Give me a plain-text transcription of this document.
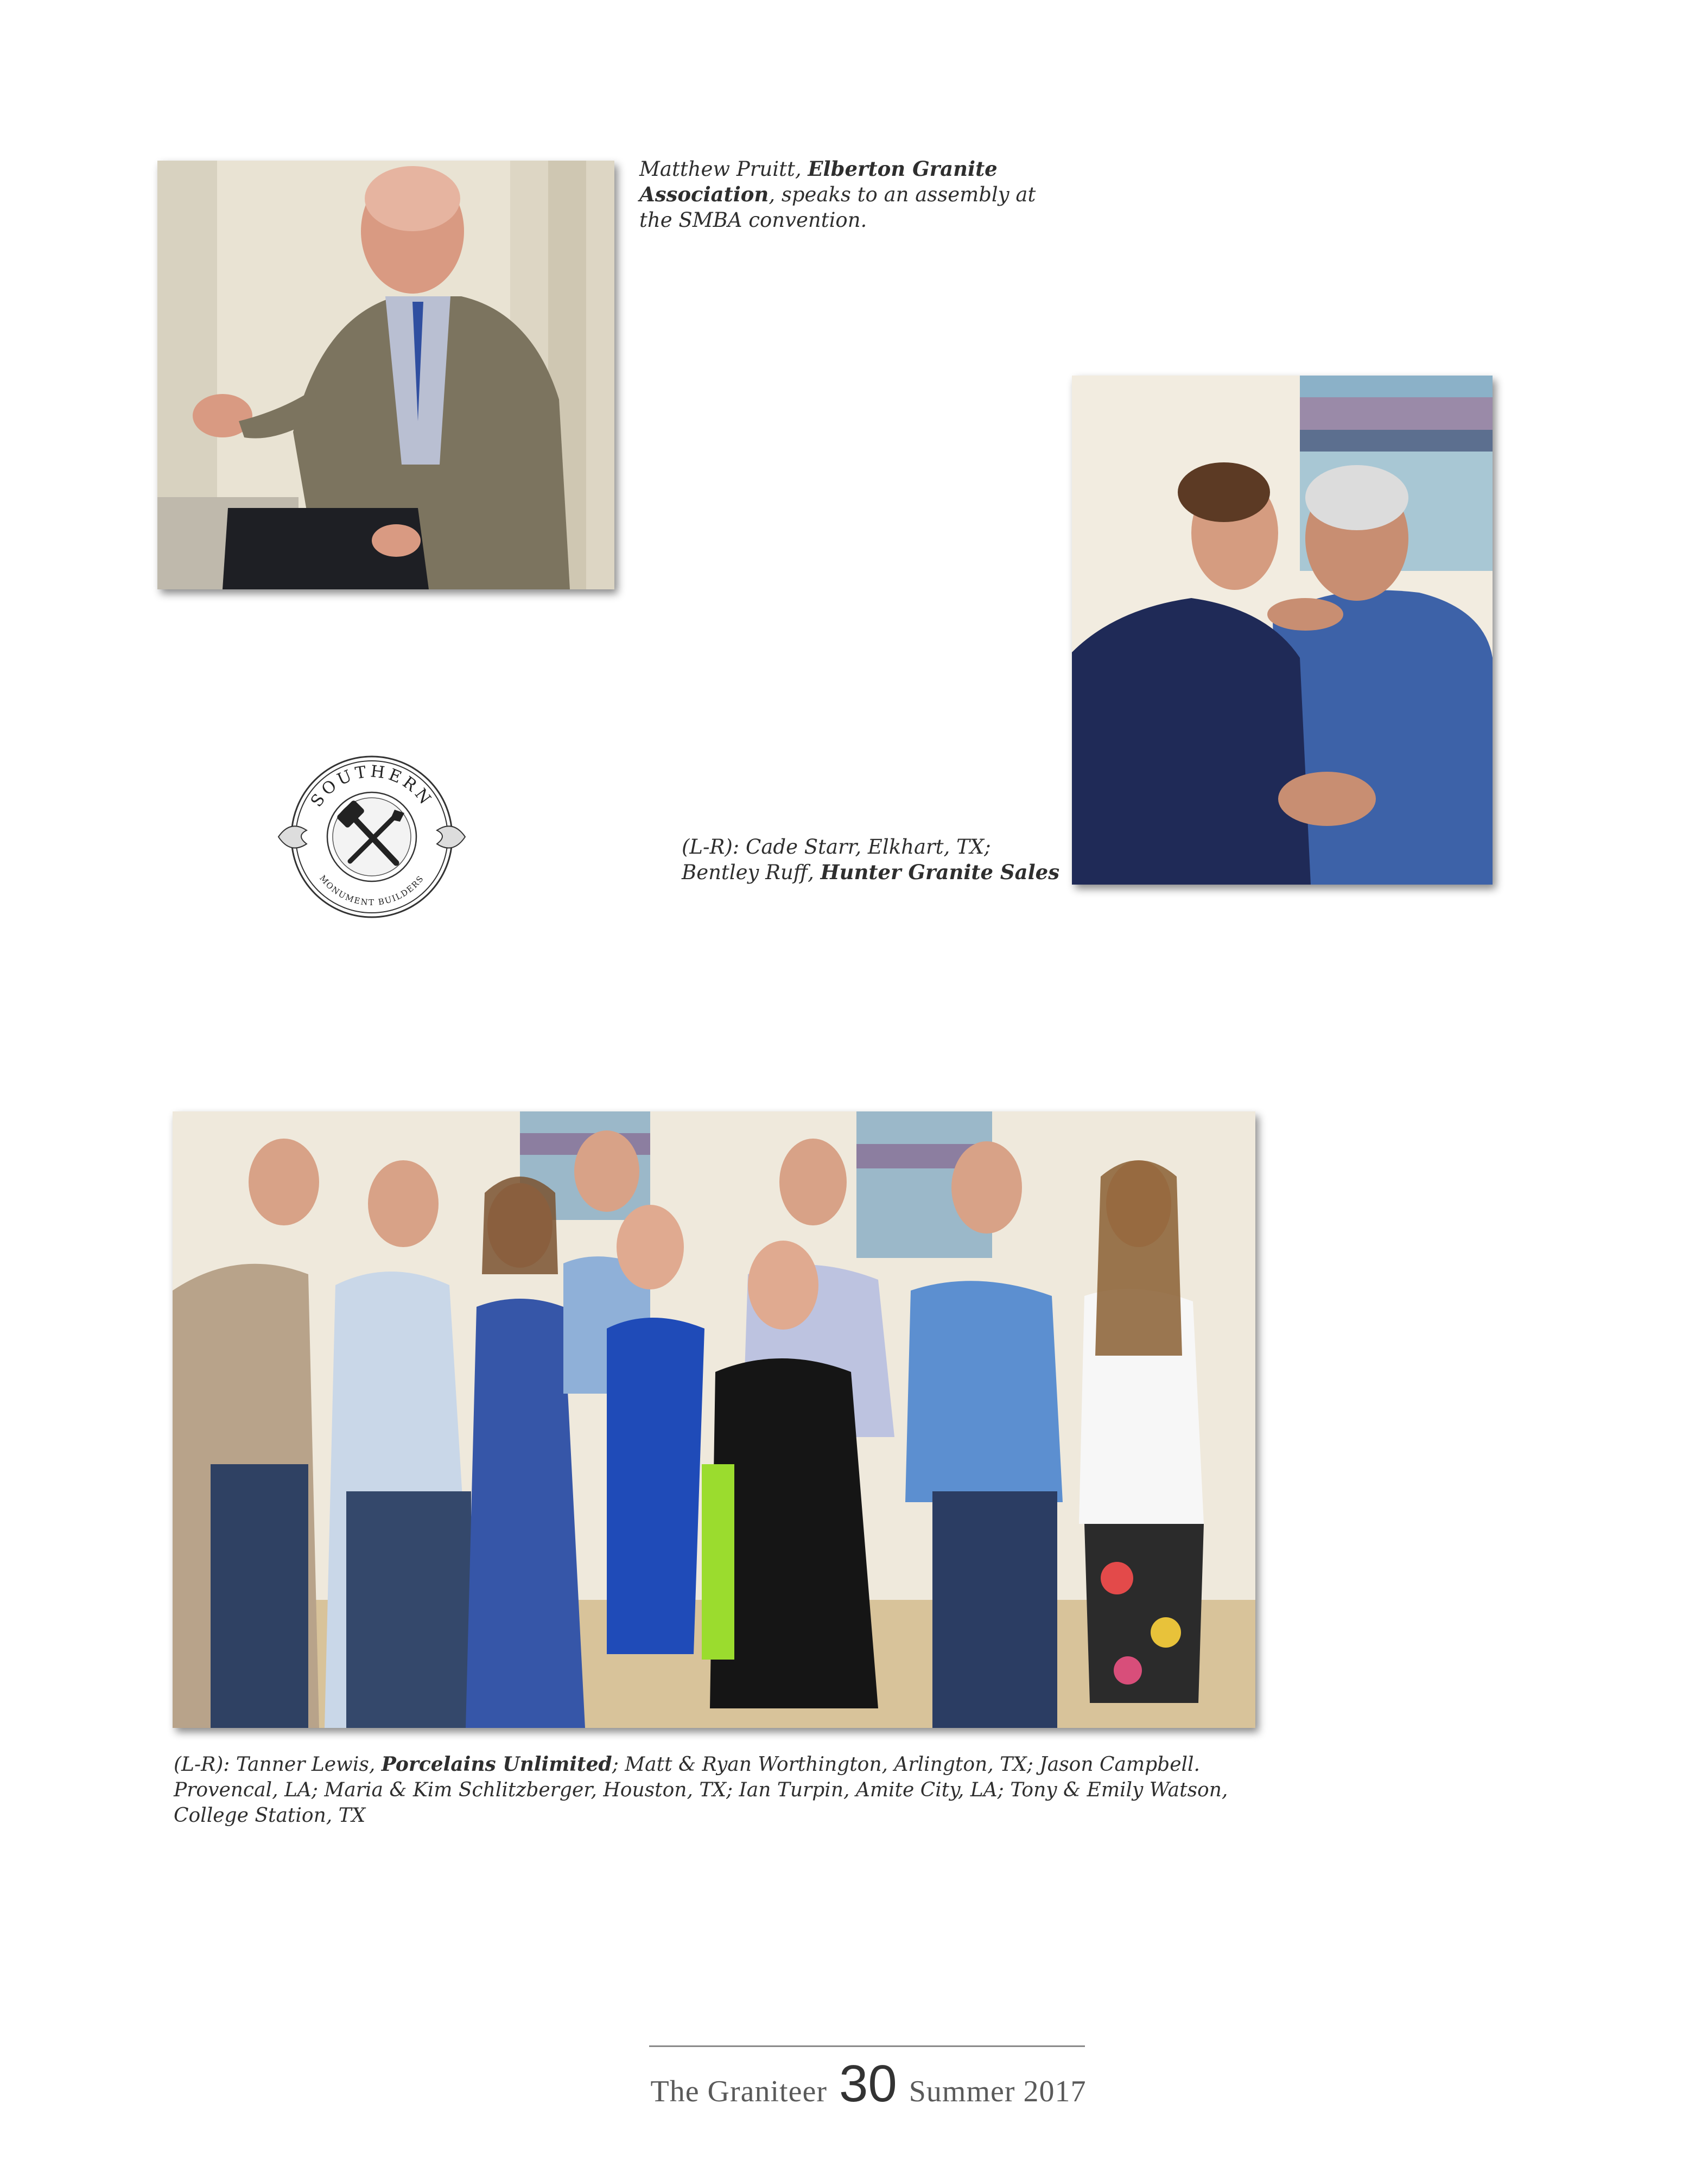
Matthew Pruitt, Elberton Granite Association, speaks to an assembly at the SMBA convention.
SOUTHERN
MONUMENT BUILDERS
(L-R): Cade Starr, Elkhart, TX; Bentley Ruff, Hunter Granite Sales
(L-R): Tanner Lewis, Porcelains Unlimited; Matt & Ryan Worthington, Arlington, TX; Jason Campbell. Provencal, LA; Maria & Kim Schlitzberger, Houston, TX; Ian Turpin, Amite City, LA; Tony & Emily Watson, College Station, TX
The Graniteer 30 Summer 2017
